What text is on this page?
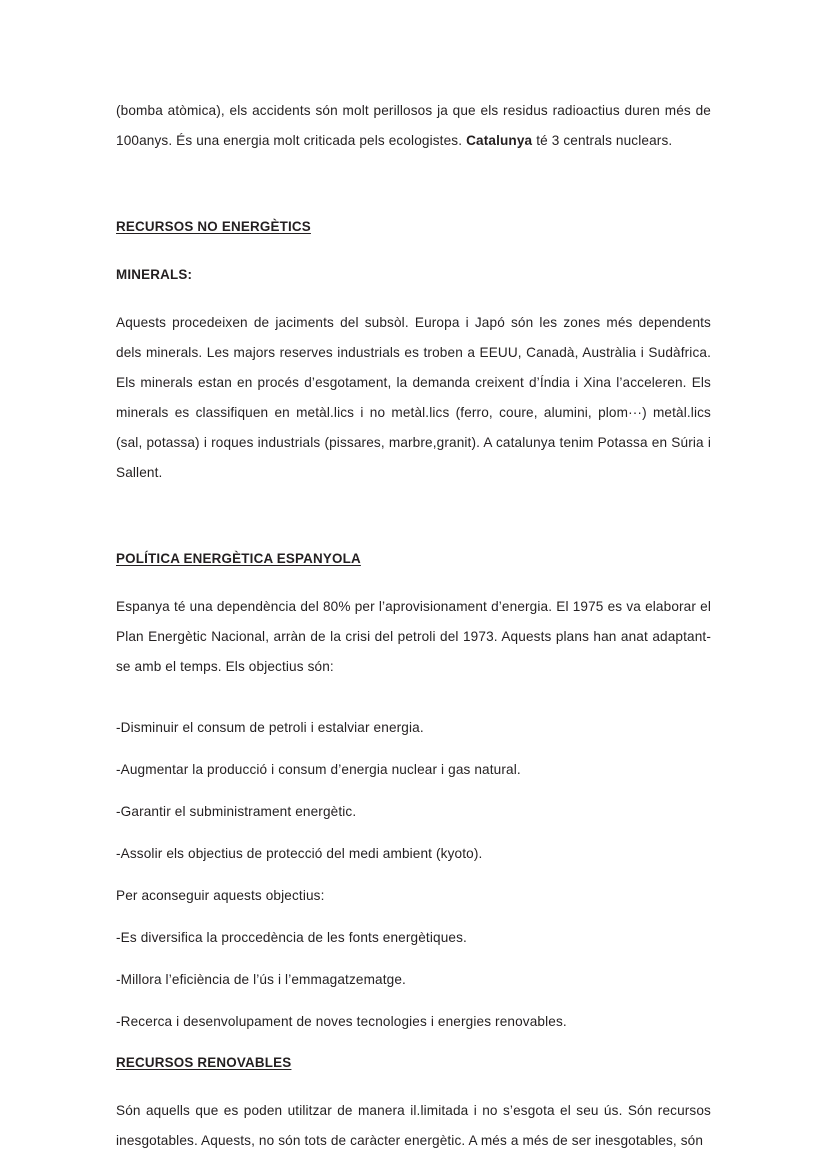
(bomba atòmica), els accidents són molt perillosos ja que els residus radioactius duren més de 100anys. És una energia molt criticada pels ecologistes. Catalunya té 3 centrals nuclears.

RECURSOS NO ENERGÈTICS
MINERALS:

Aquests procedeixen de jaciments del subsòl. Europa i Japó són les zones més dependents dels minerals. Les majors reserves industrials es troben a EEUU, Canadà, Austràlia i Sudàfrica. Els minerals estan en procés d’esgotament, la demanda creixent d’Índia i Xina l’acceleren. Els minerals es classifiquen en metàl.lics i no metàl.lics (ferro, coure, alumini, plom···) metàl.lics (sal, potassa) i roques industrials (pissares, marbre,granit). A catalunya tenim Potassa en Súria i Sallent.

POLÍTICA ENERGÈTICA ESPANYOLA

Espanya té una dependència del 80% per l’aprovisionament d’energia. El 1975 es va elaborar el Plan Energètic Nacional, arràn de la crisi del petroli del 1973. Aquests plans han anat adaptant-se amb el temps. Els objectius són:

-Disminuir el consum de petroli i estalviar energia.

-Augmentar la producció i consum d’energia nuclear i gas natural.

-Garantir el subministrament energètic.

-Assolir els objectius de protecció del medi ambient (kyoto).

Per aconseguir aquests objectius:

-Es diversifica la proccedència de les fonts energètiques.

-Millora l’eficiència de l’ús i l’emmagatzematge.

-Recerca i desenvolupament de noves tecnologies i energies renovables.

RECURSOS RENOVABLES

Són aquells que es poden utilitzar de manera il.limitada i no s’esgota el seu ús. Són recursos inesgotables. Aquests, no són tots de caràcter energètic. A més a més de ser inesgotables, són
